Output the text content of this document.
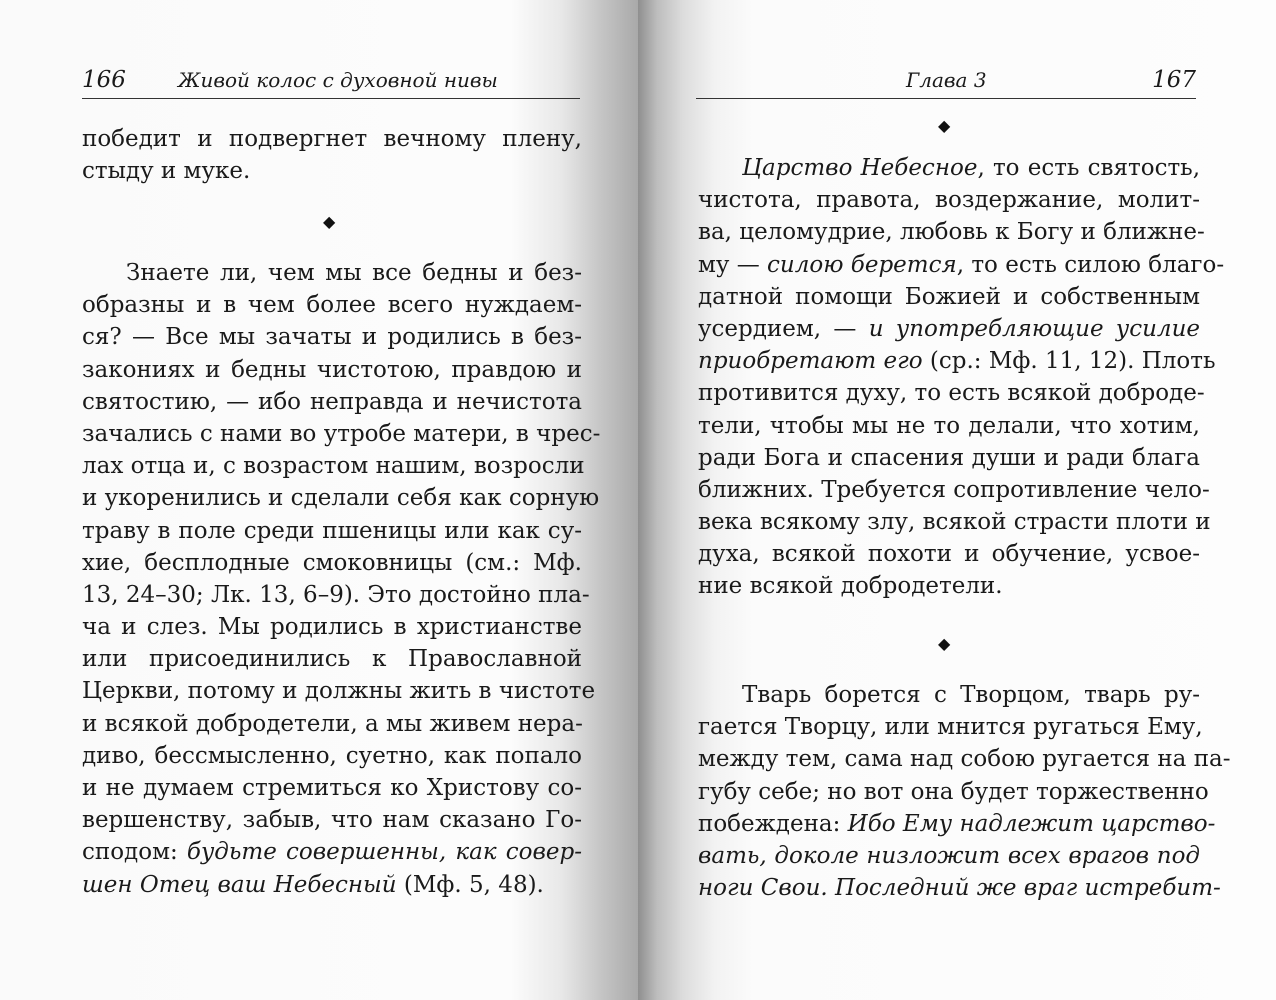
166	Живой колос с духовной нивы
победит и подвергнет вечному плену,
стыду и муке.
◆
Знаете ли, чем мы все бедны и без-
образны и в чем более всего нуждаем-
ся? — Все мы зачаты и родились в без-
закониях и бедны чистотою, правдою и
святостию, — ибо неправда и нечистота
зачались с нами во утробе матери, в чрес-
лах отца и, с возрастом нашим, возросли
и укоренились и сделали себя как сорную
траву в поле среди пшеницы или как су-
хие, бесплодные смоковницы (см.: Мф.
13, 24–30; Лк. 13, 6–9). Это достойно пла-
ча и слез. Мы родились в христианстве
или присоединились к Православной
Церкви, потому и должны жить в чистоте
и всякой добродетели, а мы живем нера-
диво, бессмысленно, суетно, как попало
и не думаем стремиться ко Христову со-
вершенству, забыв, что нам сказано Го-
сподом: будьте совершенны, как совер-
шен Отец ваш Небесный (Мф. 5, 48).
Глава 3	167
◆
Царство Небесное, то есть святость,
чистота, правота, воздержание, молит-
ва, целомудрие, любовь к Богу и ближне-
му — силою берется, то есть силою благо-
датной помощи Божией и собственным
усердием, — и употребляющие усилие
приобретают его (ср.: Мф. 11, 12). Плоть
противится духу, то есть всякой доброде-
тели, чтобы мы не то делали, что хотим,
ради Бога и спасения души и ради блага
ближних. Требуется сопротивление чело-
века всякому злу, всякой страсти плоти и
духа, всякой похоти и обучение, усвое-
ние всякой добродетели.
◆
Тварь борется с Творцом, тварь ру-
гается Творцу, или мнится ругаться Ему,
между тем, сама над собою ругается на па-
губу себе; но вот она будет торжественно
побеждена: Ибо Ему надлежит царство-
вать, доколе низложит всех врагов под
ноги Свои. Последний же враг истребит-
